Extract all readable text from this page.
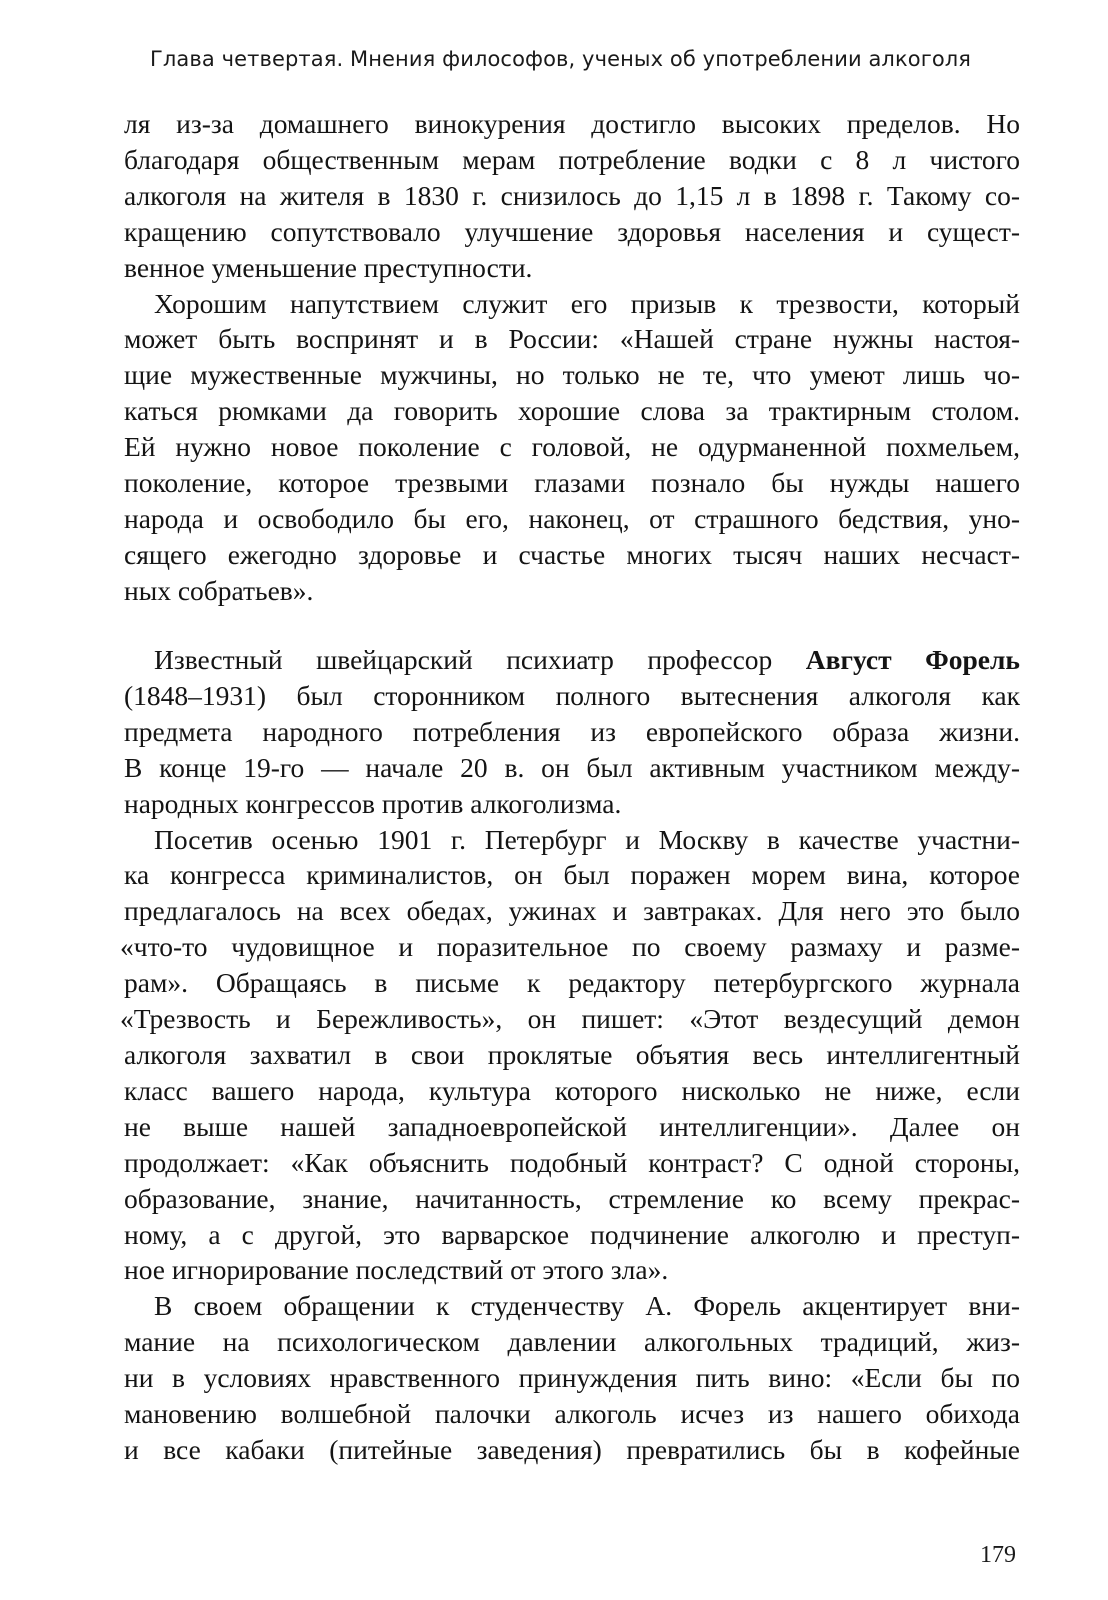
Глава четвертая. Мнения философов, ученых об употреблении алкоголя
ля из-за домашнего винокурения достигло высоких пределов. Но
благодаря общественным мерам потребление водки с 8 л чистого
алкоголя на жителя в 1830 г. снизилось до 1,15 л в 1898 г. Такому со-
кращению сопутствовало улучшение здоровья населения и сущест-
венное уменьшение преступности.
Хорошим напутствием служит его призыв к трезвости, который
может быть воспринят и в России: «Нашей стране нужны настоя-
щие мужественные мужчины, но только не те, что умеют лишь чо-
каться рюмками да говорить хорошие слова за трактирным столом.
Ей нужно новое поколение с головой, не одурманенной похмельем,
поколение, которое трезвыми глазами познало бы нужды нашего
народа и освободило бы его, наконец, от страшного бедствия, уно-
сящего ежегодно здоровье и счастье многих тысяч наших несчаст-
ных собратьев».
Известный швейцарский психиатр профессор Август Форель
(1848–1931) был сторонником полного вытеснения алкоголя как
предмета народного потребления из европейского образа жизни.
В конце 19-го — начале 20 в. он был активным участником между-
народных конгрессов против алкоголизма.
Посетив осенью 1901 г. Петербург и Москву в качестве участни-
ка конгресса криминалистов, он был поражен морем вина, которое
предлагалось на всех обедах, ужинах и завтраках. Для него это было
«что-то чудовищное и поразительное по своему размаху и разме-
рам». Обращаясь в письме к редактору петербургского журнала
«Трезвость и Бережливость», он пишет: «Этот вездесущий демон
алкоголя захватил в свои проклятые объятия весь интеллигентный
класс вашего народа, культура которого нисколько не ниже, если
не выше нашей западноевропейской интеллигенции». Далее он
продолжает: «Как объяснить подобный контраст? С одной стороны,
образование, знание, начитанность, стремление ко всему прекрас-
ному, а с другой, это варварское подчинение алкоголю и преступ-
ное игнорирование последствий от этого зла».
В своем обращении к студенчеству А. Форель акцентирует вни-
мание на психологическом давлении алкогольных традиций, жиз-
ни в условиях нравственного принуждения пить вино: «Если бы по
мановению волшебной палочки алкоголь исчез из нашего обихода
и все кабаки (питейные заведения) превратились бы в кофейные
179
